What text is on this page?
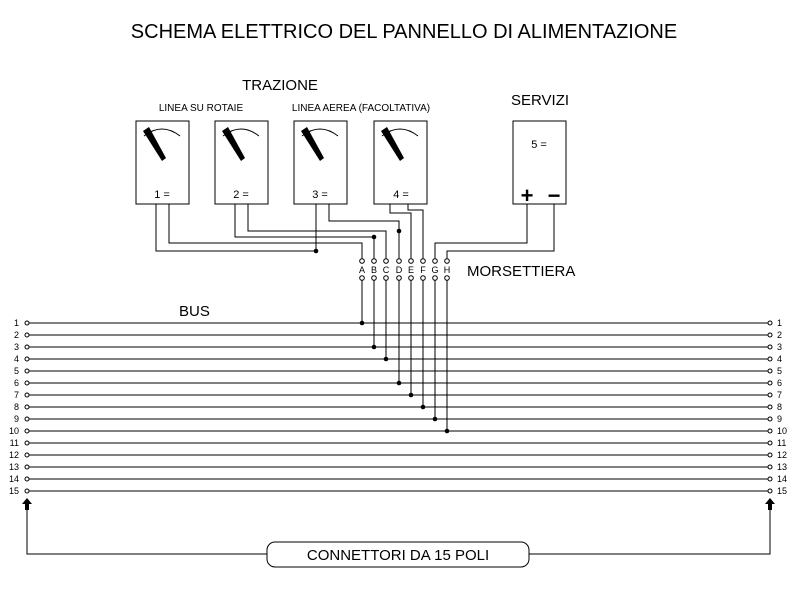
SCHEMA ELETTRICO DEL PANNELLO DI ALIMENTAZIONE
TRAZIONE
SERVIZI
LINEA SU ROTAIE	LINEA AEREA (FACOLTATIVA)
MORSETTIERA
BUS
1 =	2 =	3 =	4 =
5 =
+ −
A B C D E F G H
1	1
2	2
3	3
4	4
5	5
6	6
7	7
8	8
9	9
10	10
11	11
12	12
13	13
14	14
15	15
CONNETTORI DA 15 POLI
